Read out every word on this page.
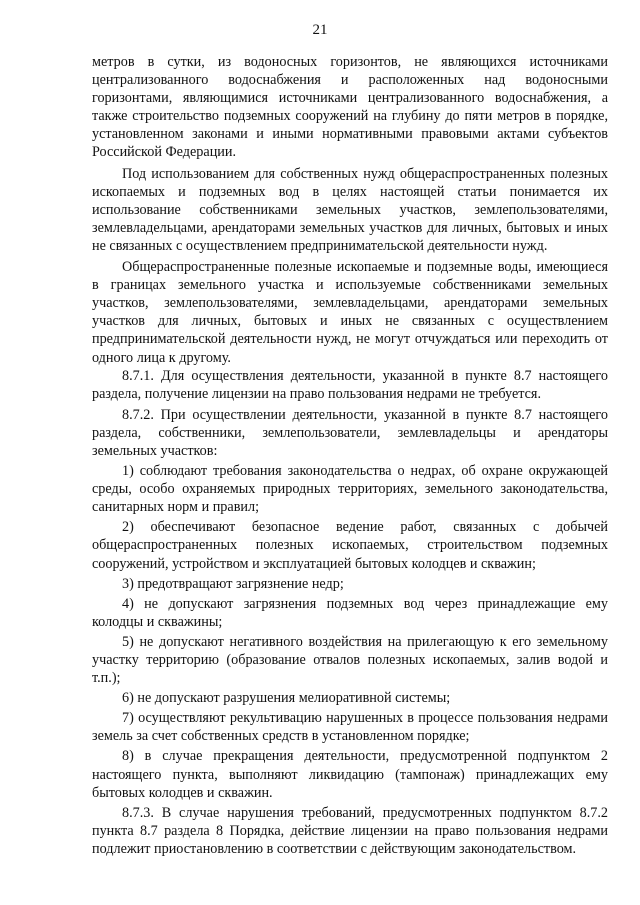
21

метров в сутки, из водоносных горизонтов, не являющихся источниками централизованного водоснабжения и расположенных над водоносными горизонтами, являющимися источниками централизованного водоснабжения, а также строительство подземных сооружений на глубину до пяти метров в порядке, установленном законами и иными нормативными правовыми актами субъектов Российской Федерации.

Под использованием для собственных нужд общераспространенных полезных ископаемых и подземных вод в целях настоящей статьи понимается их использование собственниками земельных участков, землепользователями, землевладельцами, арендаторами земельных участков для личных, бытовых и иных не связанных с осуществлением предпринимательской деятельности нужд.

Общераспространенные полезные ископаемые и подземные воды, имеющиеся в границах земельного участка и используемые собственниками земельных участков, землепользователями, землевладельцами, арендаторами земельных участков для личных, бытовых и иных не связанных с осуществлением предпринимательской деятельности нужд, не могут отчуждаться или переходить от одного лица к другому.

8.7.1. Для осуществления деятельности, указанной в пункте 8.7 настоящего раздела, получение лицензии на право пользования недрами не требуется.

8.7.2. При осуществлении деятельности, указанной в пункте 8.7 настоящего раздела, собственники, землепользователи, землевладельцы и арендаторы земельных участков:

1) соблюдают требования законодательства о недрах, об охране окружающей среды, особо охраняемых природных территориях, земельного законодательства, санитарных норм и правил;

2) обеспечивают безопасное ведение работ, связанных с добычей общераспространенных полезных ископаемых, строительством подземных сооружений, устройством и эксплуатацией бытовых колодцев и скважин;

3) предотвращают загрязнение недр;

4) не допускают загрязнения подземных вод через принадлежащие ему колодцы и скважины;

5) не допускают негативного воздействия на прилегающую к его земельному участку территорию (образование отвалов полезных ископаемых, залив водой и т.п.);

6) не допускают разрушения мелиоративной системы;

7) осуществляют рекультивацию нарушенных в процессе пользования недрами земель за счет собственных средств в установленном порядке;

8) в случае прекращения деятельности, предусмотренной подпунктом 2 настоящего пункта, выполняют ликвидацию (тампонаж) принадлежащих ему бытовых колодцев и скважин.

8.7.3. В случае нарушения требований, предусмотренных подпунктом 8.7.2 пункта 8.7 раздела 8 Порядка, действие лицензии на право пользования недрами подлежит приостановлению в соответствии с действующим законодательством.
